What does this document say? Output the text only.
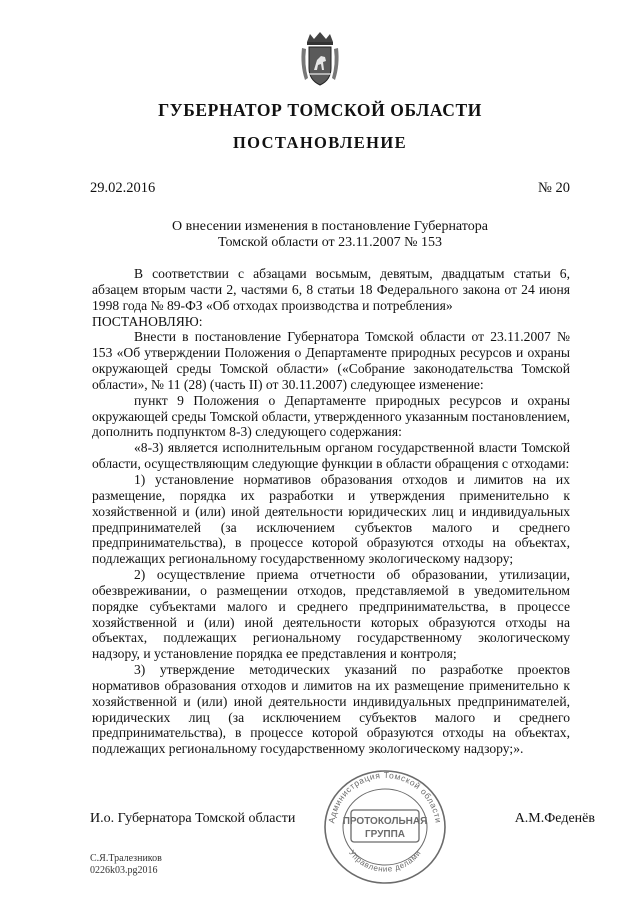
ГУБЕРНАТОР ТОМСКОЙ ОБЛАСТИ
ПОСТАНОВЛЕНИЕ
29.02.2016	№ 20
О внесении изменения в постановление Губернатора
Томской области от 23.11.2007 № 153

В соответствии с абзацами восьмым, девятым, двадцатым статьи 6, абзацем вторым части 2, частями 6, 8 статьи 18 Федерального закона от 24 июня 1998 года № 89-ФЗ «Об отходах производства и потребления»

ПОСТАНОВЛЯЮ:

Внести в постановление Губернатора Томской области от 23.11.2007 № 153 «Об утверждении Положения о Департаменте природных ресурсов и охраны окружающей среды Томской области» («Собрание законодательства Томской области», № 11 (28) (часть II) от 30.11.2007) следующее изменение:

пункт 9 Положения о Департаменте природных ресурсов и охраны окружающей среды Томской области, утвержденного указанным постановлением, дополнить подпунктом 8-3) следующего содержания:

«8-3) является исполнительным органом государственной власти Томской области, осуществляющим следующие функции в области обращения с отходами:

1) установление нормативов образования отходов и лимитов на их размещение, порядка их разработки и утверждения применительно к хозяйственной и (или) иной деятельности юридических лиц и индивидуальных предпринимателей (за исключением субъектов малого и среднего предпринимательства), в процессе которой образуются отходы на объектах, подлежащих региональному государственному экологическому надзору;

2) осуществление приема отчетности об образовании, утилизации, обезвреживании, о размещении отходов, представляемой в уведомительном порядке субъектами малого и среднего предпринимательства, в процессе хозяйственной и (или) иной деятельности которых образуются отходы на объектах, подлежащих региональному государственному экологическому надзору, и установление порядка ее представления и контроля;

3) утверждение методических указаний по разработке проектов нормативов образования отходов и лимитов на их размещение применительно к хозяйственной и (или) иной деятельности индивидуальных предпринимателей, юридических лиц (за исключением субъектов малого и среднего предпринимательства), в процессе которой образуются отходы на объектах, подлежащих региональному государственному экологическому надзору;».

И.о. Губернатора Томской области	А.М.Феденёв
Администрация Томской области
Управление делами
ПРОТОКОЛЬНАЯ
ГРУППА
С.Я.Тралезников
0226k03.pg2016
